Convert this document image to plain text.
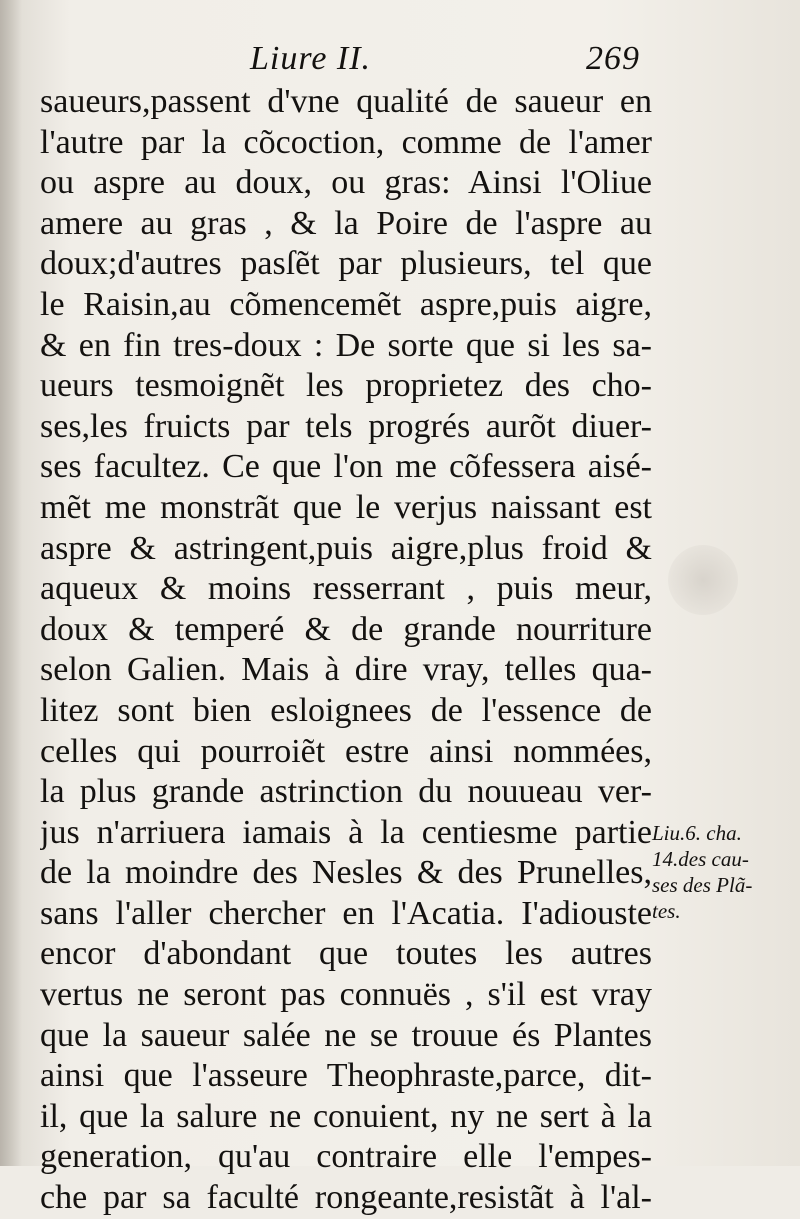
Liure II.	269
saueurs,passent d'vne qualité de saueur en
l'autre par la cõcoction, comme de l'amer
ou aspre au doux, ou gras: Ainsi l'Oliue
amere au gras , & la Poire de l'aspre au
doux;d'autres pasſẽt par plusieurs, tel que
le Raisin,au cõmencemẽt aspre,puis aigre,
& en fin tres-doux : De sorte que si les sa-
ueurs tesmoignẽt les proprietez des cho-
ses,les fruicts par tels progrés aurõt diuer-
ses facultez. Ce que l'on me cõfessera aisé-
mẽt me monstrãt que le verjus naissant est
aspre & astringent,puis aigre,plus froid &
aqueux & moins resserrant , puis meur,
doux & temperé & de grande nourriture
selon Galien. Mais à dire vray, telles qua-
litez sont bien esloignees de l'essence de
celles qui pourroiẽt estre ainsi nommées,
la plus grande astrinction du nouueau ver-
jus n'arriuera iamais à la centiesme partie
de la moindre des Nesles & des Prunelles,
sans l'aller chercher en l'Acatia. I'adiouste
encor d'abondant que toutes les autres
vertus ne seront pas connuës , s'il est vray
que la saueur salée ne se trouue és Plantes
ainsi que l'asseure Theophraste,parce, dit-
il, que la salure ne conuient, ny ne sert à la
generation, qu'au contraire elle l'empes-
che par sa faculté rongeante,resistãt à l'al-
Liu.6. cha.
14.des cau-
ses des Plã-
tes.
